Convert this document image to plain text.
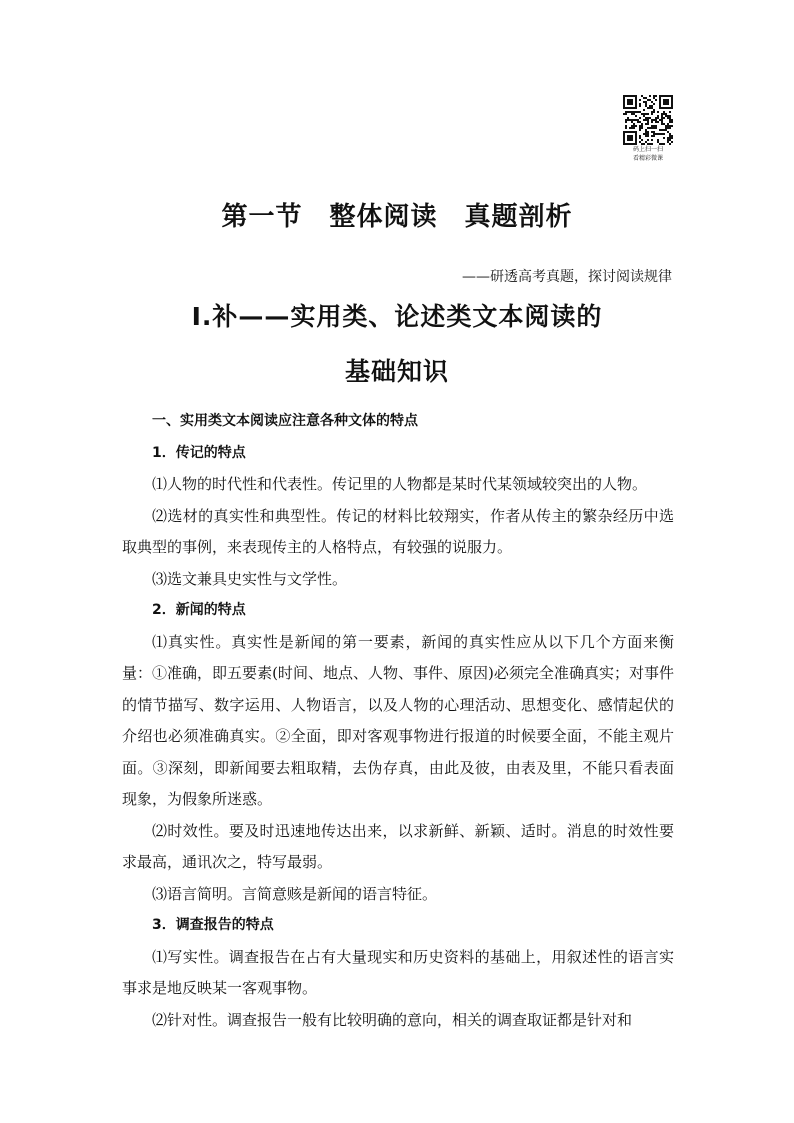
码上扫一扫
看精彩微课
第一节　整体阅读　真题剖析
——研透高考真题，探讨阅读规律
Ⅰ.补——实用类、论述类文本阅读的
基础知识

一、实用类文本阅读应注意各种文体的特点

1．传记的特点

⑴人物的时代性和代表性。传记里的人物都是某时代某领域较突出的人物。

⑵选材的真实性和典型性。传记的材料比较翔实，作者从传主的繁杂经历中选取典型的事例，来表现传主的人格特点，有较强的说服力。

⑶选文兼具史实性与文学性。

2．新闻的特点

⑴真实性。真实性是新闻的第一要素，新闻的真实性应从以下几个方面来衡量：①准确，即五要素(时间、地点、人物、事件、原因)必须完全准确真实；对事件的情节描写、数字运用、人物语言，以及人物的心理活动、思想变化、感情起伏的介绍也必须准确真实。②全面，即对客观事物进行报道的时候要全面，不能主观片面。③深刻，即新闻要去粗取精，去伪存真，由此及彼，由表及里，不能只看表面现象，为假象所迷惑。

⑵时效性。要及时迅速地传达出来，以求新鲜、新颖、适时。消息的时效性要求最高，通讯次之，特写最弱。

⑶语言简明。言简意赅是新闻的语言特征。

3．调查报告的特点

⑴写实性。调查报告在占有大量现实和历史资料的基础上，用叙述性的语言实事求是地反映某一客观事物。

⑵针对性。调查报告一般有比较明确的意向，相关的调查取证都是针对和
